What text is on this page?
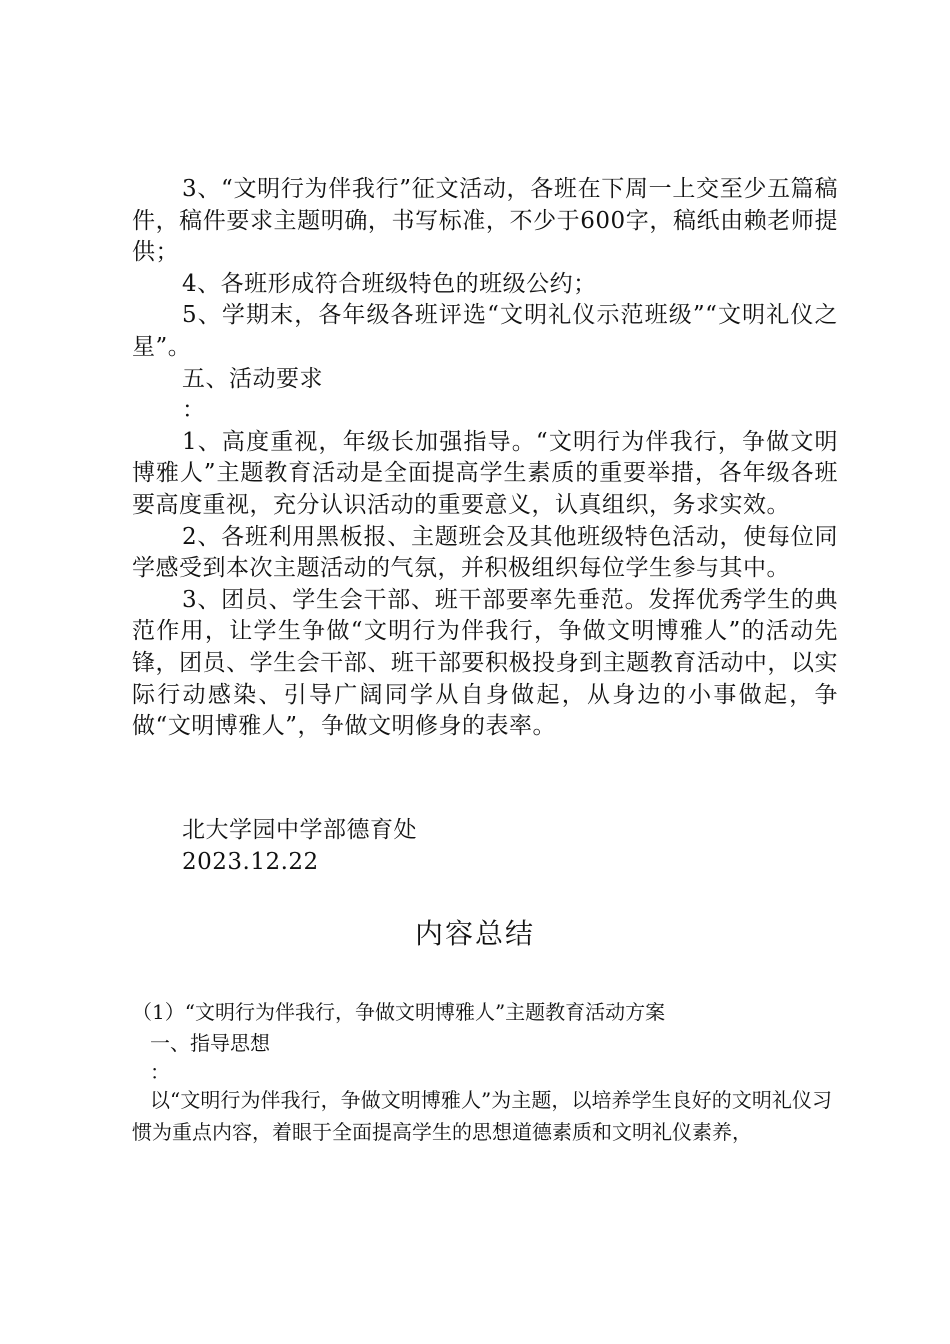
3、“文明行为伴我行”征文活动，各班在下周一上交至少五篇稿件，稿件要求主题明确，书写标准，不少于600字，稿纸由赖老师提供；

4、各班形成符合班级特色的班级公约；

5、学期末，各年级各班评选“文明礼仪示范班级”“文明礼仪之星”。

五、活动要求

：

1、高度重视，年级长加强指导。“文明行为伴我行，争做文明博雅人”主题教育活动是全面提高学生素质的重要举措，各年级各班要高度重视，充分认识活动的重要意义，认真组织，务求实效。

2、各班利用黑板报、主题班会及其他班级特色活动，使每位同学感受到本次主题活动的气氛，并积极组织每位学生参与其中。

3、团员、学生会干部、班干部要率先垂范。发挥优秀学生的典范作用，让学生争做“文明行为伴我行，争做文明博雅人”的活动先锋，团员、学生会干部、班干部要积极投身到主题教育活动中，以实际行动感染、引导广阔同学从自身做起，从身边的小事做起，争做“文明博雅人”，争做文明修身的表率。

北大学园中学部德育处
2023.12.22
内容总结

（1）“文明行为伴我行，争做文明博雅人”主题教育活动方案

一、指导思想

：

以“文明行为伴我行，争做文明博雅人”为主题，以培养学生良好的文明礼仪习惯为重点内容，着眼于全面提高学生的思想道德素质和文明礼仪素养，
